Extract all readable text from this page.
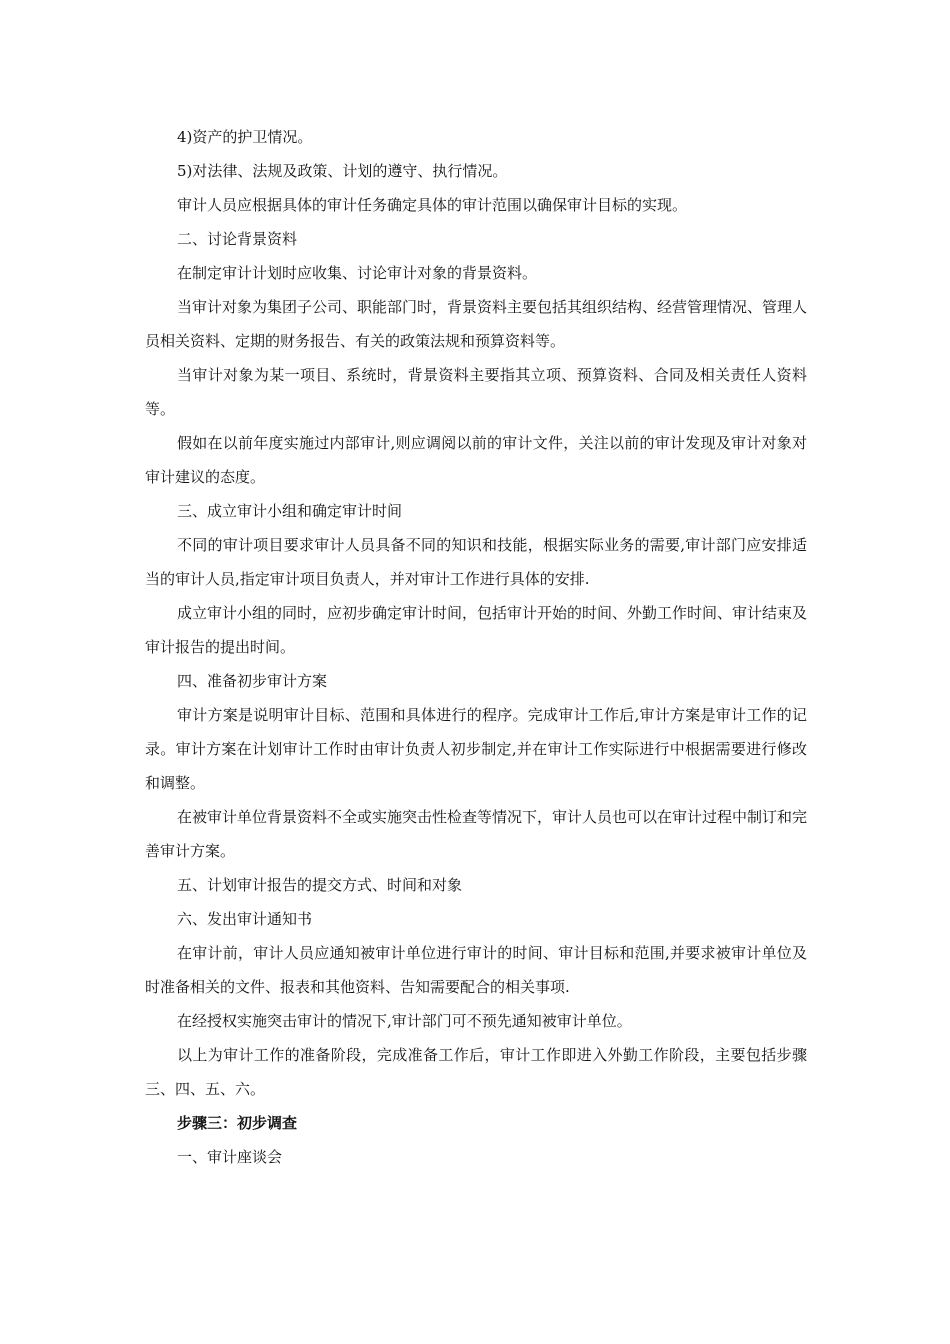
4)资产的护卫情况。

5)对法律、法规及政策、计划的遵守、执行情况。

审计人员应根据具体的审计任务确定具体的审计范围以确保审计目标的实现。

二、讨论背景资料

在制定审计计划时应收集、讨论审计对象的背景资料。

当审计对象为集团子公司、职能部门时，背景资料主要包括其组织结构、经营管理情况、管理人员相关资料、定期的财务报告、有关的政策法规和预算资料等。

当审计对象为某一项目、系统时，背景资料主要指其立项、预算资料、合同及相关责任人资料等。

假如在以前年度实施过内部审计,则应调阅以前的审计文件，关注以前的审计发现及审计对象对审计建议的态度。

三、成立审计小组和确定审计时间

不同的审计项目要求审计人员具备不同的知识和技能，根据实际业务的需要,审计部门应安排适当的审计人员,指定审计项目负责人，并对审计工作进行具体的安排.

成立审计小组的同时，应初步确定审计时间，包括审计开始的时间、外勤工作时间、审计结束及审计报告的提出时间。

四、准备初步审计方案

审计方案是说明审计目标、范围和具体进行的程序。完成审计工作后,审计方案是审计工作的记录。审计方案在计划审计工作时由审计负责人初步制定,并在审计工作实际进行中根据需要进行修改和调整。

在被审计单位背景资料不全或实施突击性检查等情况下，审计人员也可以在审计过程中制订和完善审计方案。

五、计划审计报告的提交方式、时间和对象

六、发出审计通知书

在审计前，审计人员应通知被审计单位进行审计的时间、审计目标和范围,并要求被审计单位及时准备相关的文件、报表和其他资料、告知需要配合的相关事项.

在经授权实施突击审计的情况下,审计部门可不预先通知被审计单位。

以上为审计工作的准备阶段，完成准备工作后，审计工作即进入外勤工作阶段，主要包括步骤三、四、五、六。

步骤三：初步调查

一、审计座谈会
